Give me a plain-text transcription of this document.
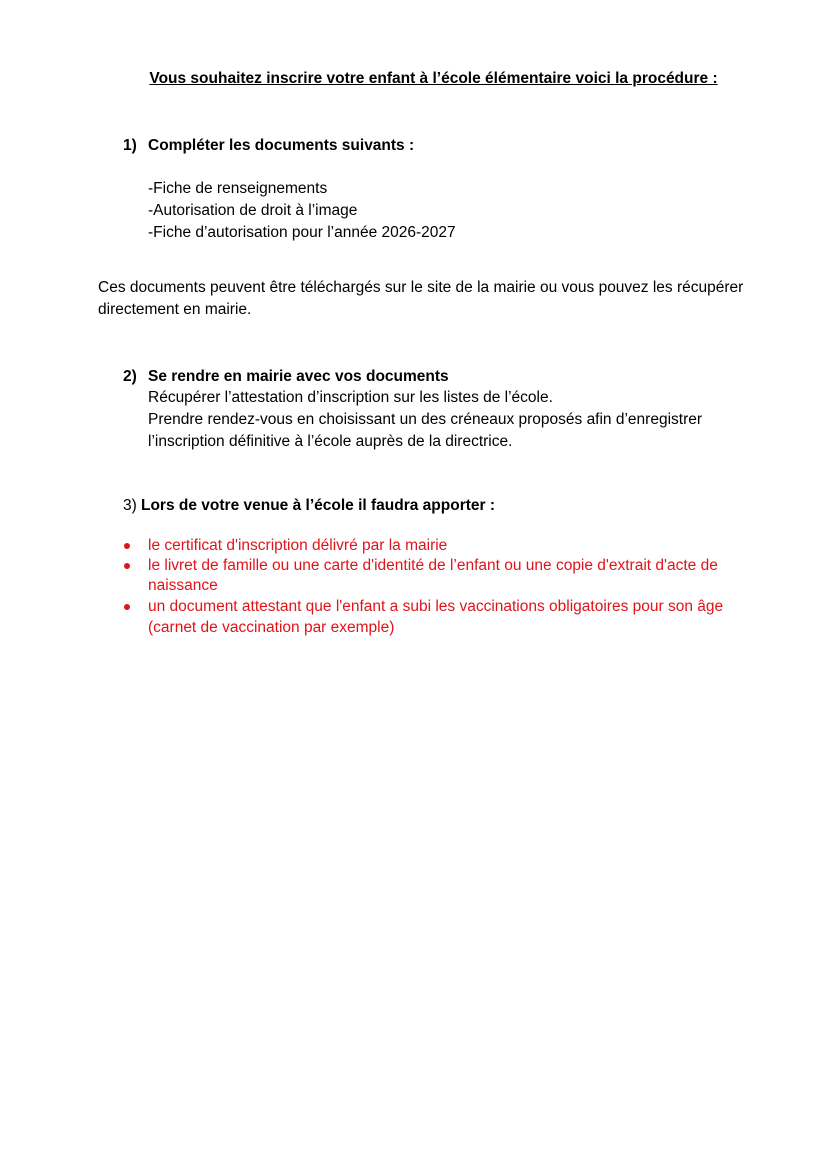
Vous souhaitez inscrire votre enfant à l’école élémentaire voici la procédure :
1) Compléter les documents suivants :
-Fiche de renseignements
-Autorisation de droit à l’image
-Fiche d’autorisation pour l’année 2026-2027
Ces documents peuvent être téléchargés sur le site de la mairie ou vous pouvez les récupérer
directement en mairie.
2) Se rendre en mairie avec vos documents
Récupérer l’attestation d’inscription sur les listes de l’école.
Prendre rendez-vous en choisissant un des créneaux proposés afin d’enregistrer
l’inscription définitive à l’école auprès de la directrice.
3) Lors de votre venue à l’école il faudra apporter :
le certificat d'inscription délivré par la mairie
le livret de famille ou une carte d'identité de l’enfant ou une copie d'extrait d'acte de
naissance
un document attestant que l'enfant a subi les vaccinations obligatoires pour son âge
(carnet de vaccination par exemple)
